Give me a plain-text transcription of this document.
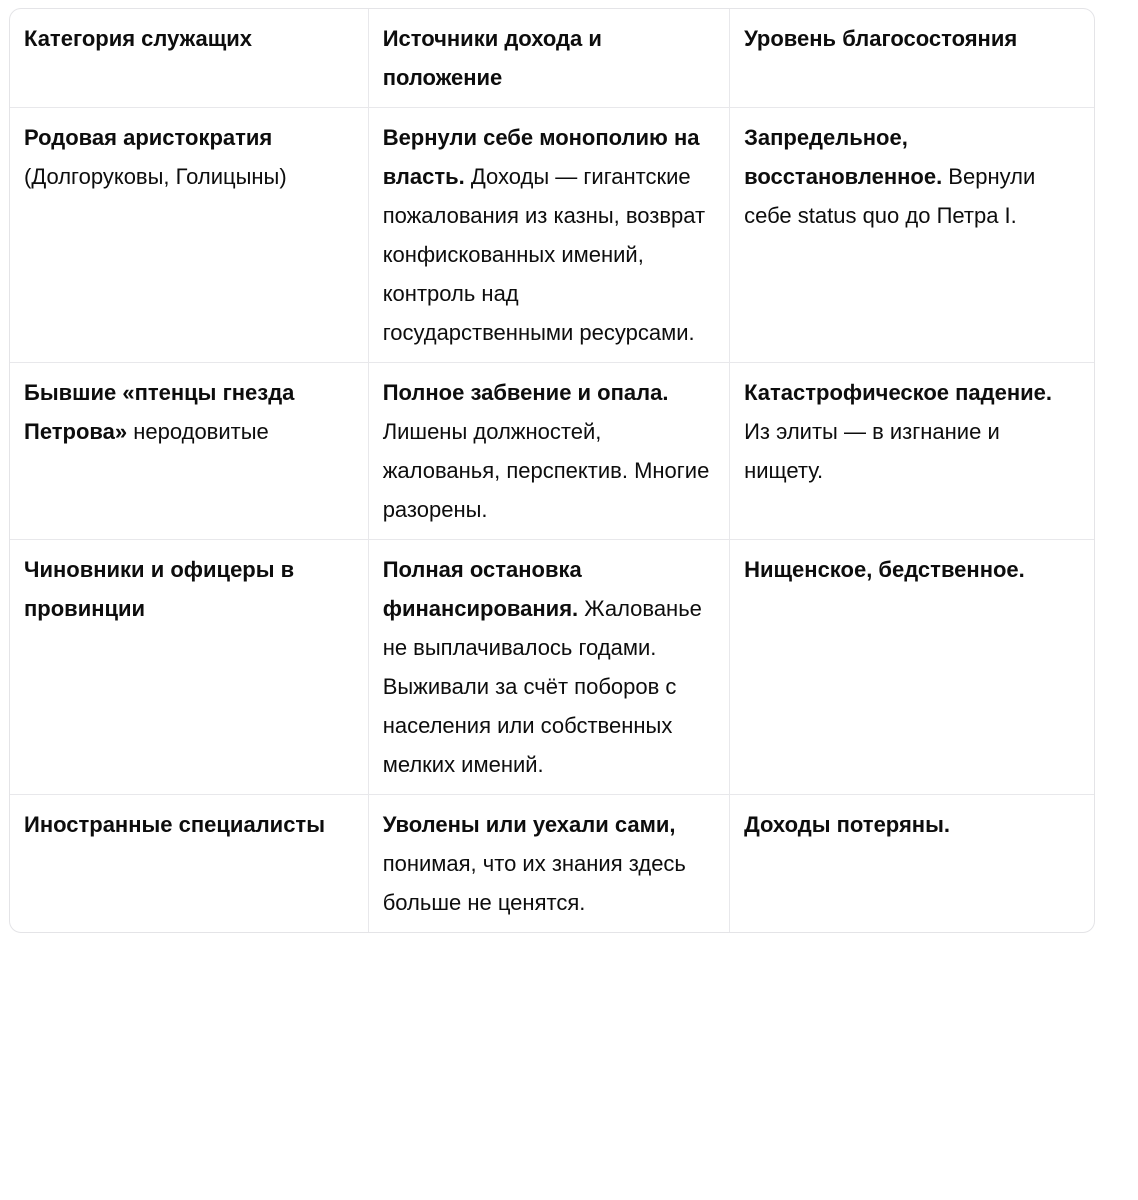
Категория служащих	Источники дохода и положение	Уровень благосостояния
Родовая аристократия (Долгоруковы, Голицыны)	Вернули себе монополию на власть. Доходы — гигантские пожалования из казны, возврат конфискованных имений, контроль над государственными ресурсами.	Запредельное, восстановленное. Вернули себе status quo до Петра I.
Бывшие «птенцы гнезда Петрова» неродовитые	Полное забвение и опала. Лишены должностей, жалованья, перспектив. Многие разорены.	Катастрофическое падение. Из элиты — в изгнание и нищету.
Чиновники и офицеры в провинции	Полная остановка финансирования. Жалованье не выплачивалось годами. Выживали за счёт поборов с населения или собственных мелких имений.	Нищенское, бедственное.
Иностранные специалисты	Уволены или уехали сами, понимая, что их знания здесь больше не ценятся.	Доходы потеряны.
